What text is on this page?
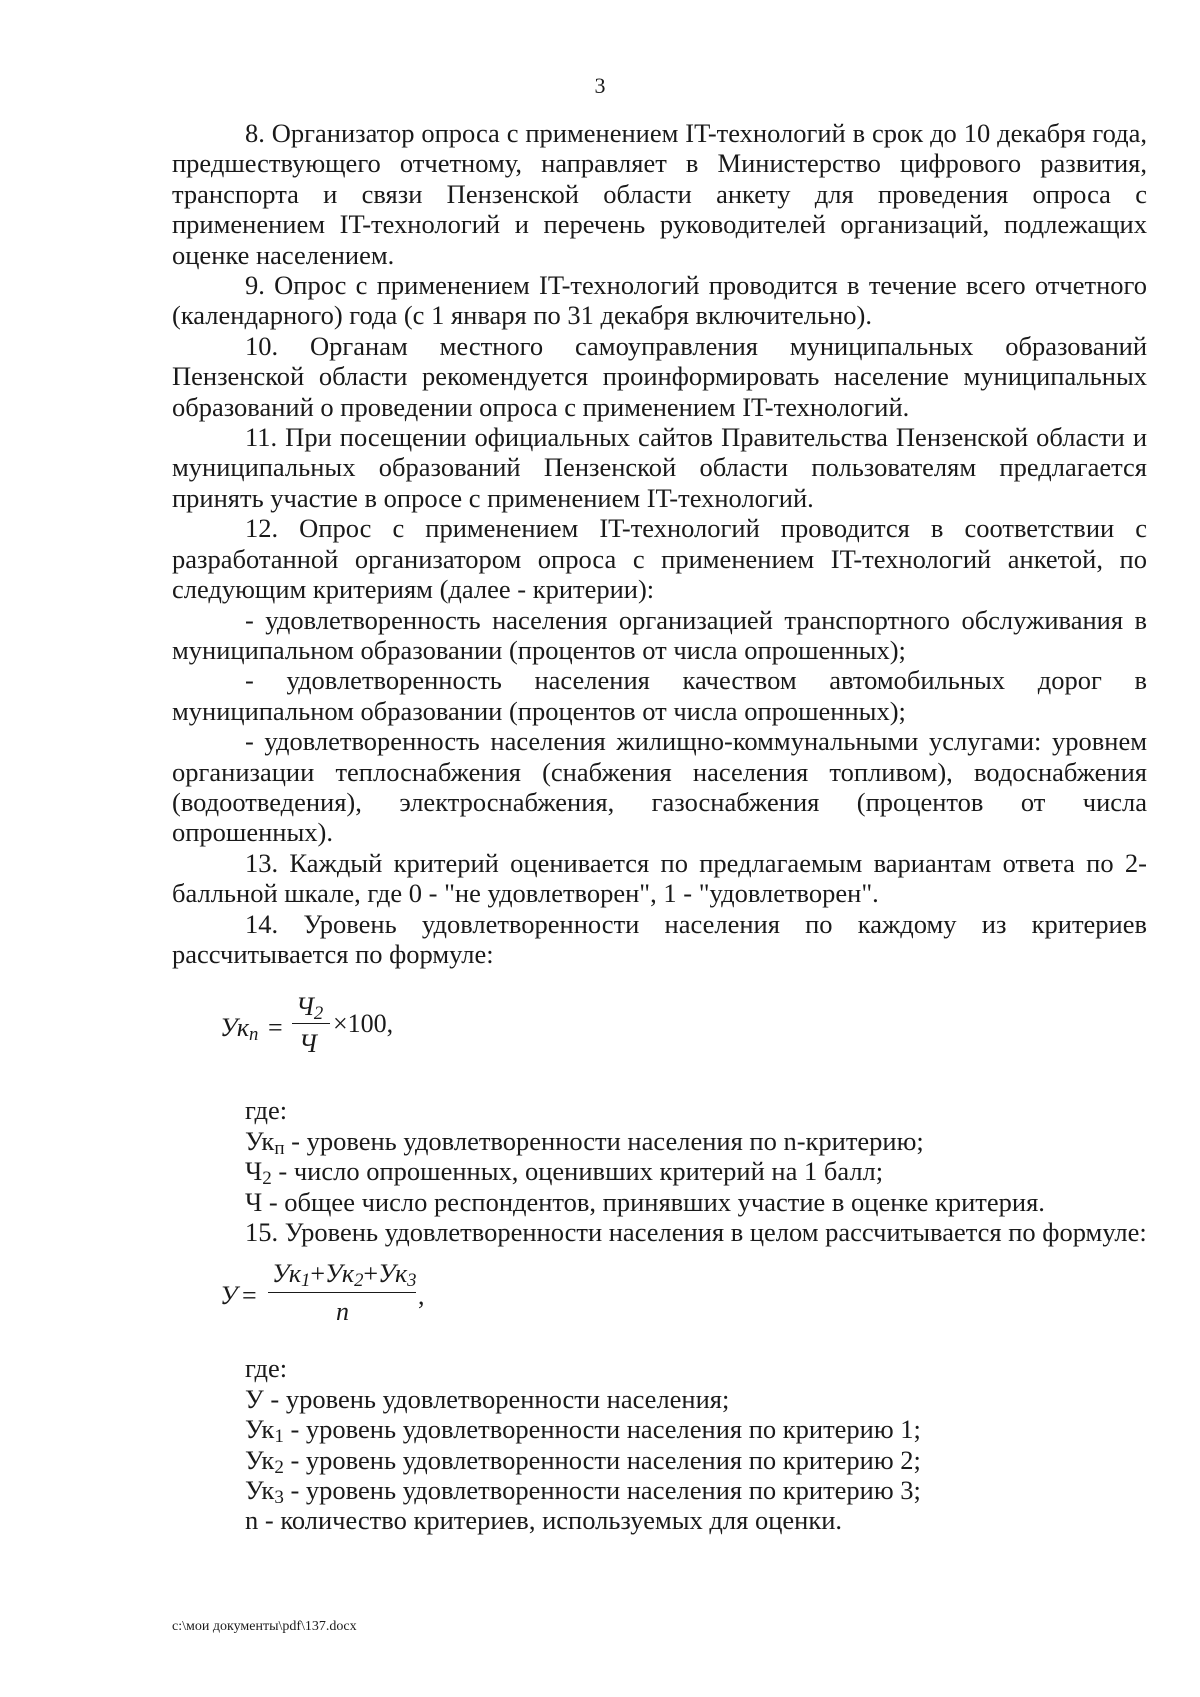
3

8. Организатор опроса с применением IT-технологий в срок до 10 декабря года, предшествующего отчетному, направляет в Министерство цифрового развития, транспорта и связи Пензенской области анкету для проведения опроса с применением IT-технологий и перечень руководителей организаций, подлежащих оценке населением.

9. Опрос с применением IT-технологий проводится в течение всего отчетного (календарного) года (с 1 января по 31 декабря включительно).

10. Органам местного самоуправления муниципальных образований Пензенской области рекомендуется проинформировать население муниципальных образований о проведении опроса с применением IT-технологий.

11. При посещении официальных сайтов Правительства Пензенской области и муниципальных образований Пензенской области пользователям предлагается принять участие в опросе с применением IT-технологий.

12. Опрос с применением IT-технологий проводится в соответствии с разработанной организатором опроса с применением IT-технологий анкетой, по следующим критериям (далее - критерии):

- удовлетворенность населения организацией транспортного обслуживания в муниципальном образовании (процентов от числа опрошенных);

- удовлетворенность населения качеством автомобильных дорог в муниципальном образовании (процентов от числа опрошенных);

- удовлетворенность населения жилищно-коммунальными услугами: уровнем организации теплоснабжения (снабжения населения топливом), водоснабжения (водоотведения), электроснабжения, газоснабжения (процентов от числа опрошенных).

13. Каждый критерий оценивается по предлагаемым вариантам ответа по 2-балльной шкале, где 0 - "не удовлетворен", 1 - "удовлетворен".

14. Уровень удовлетворенности населения по каждому из критериев рассчитывается по формуле:

$Ук_n$ =
$Ч_2$
Ч
×100,

где:

$Ук_п$ - уровень удовлетворенности населения по n-критерию;

$Ч_2$ - число опрошенных, оценивших критерий на 1 балл;

Ч - общее число респондентов, принявших участие в оценке критерия.

15. Уровень удовлетворенности населения в целом рассчитывается по формуле:

У =
$Ук_1+Ук_2+Ук_3$
n
,

где:

У - уровень удовлетворенности населения;

$Ук_1$ - уровень удовлетворенности населения по критерию 1;

$Ук_2$ - уровень удовлетворенности населения по критерию 2;

$Ук_3$ - уровень удовлетворенности населения по критерию 3;

n - количество критериев, используемых для оценки.

c:\мои документы\pdf\137.docx
